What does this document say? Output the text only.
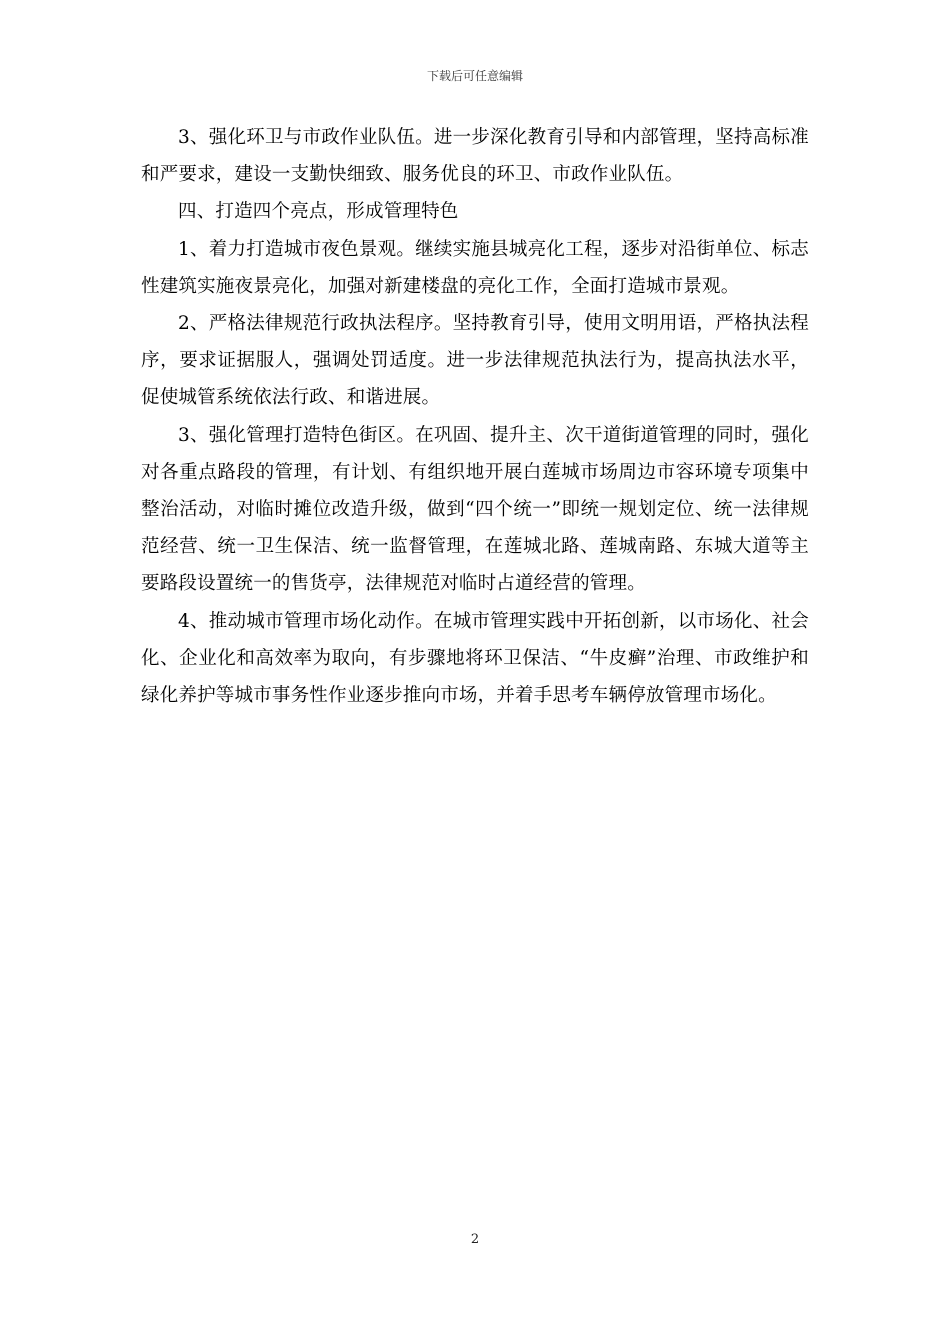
下载后可任意编辑

3、强化环卫与市政作业队伍。进一步深化教育引导和内部管理，坚持高标准和严要求，建设一支勤快细致、服务优良的环卫、市政作业队伍。

四、打造四个亮点，形成管理特色

1、着力打造城市夜色景观。继续实施县城亮化工程，逐步对沿街单位、标志性建筑实施夜景亮化，加强对新建楼盘的亮化工作，全面打造城市景观。

2、严格法律规范行政执法程序。坚持教育引导，使用文明用语，严格执法程序，要求证据服人，强调处罚适度。进一步法律规范执法行为，提高执法水平，促使城管系统依法行政、和谐进展。

3、强化管理打造特色街区。在巩固、提升主、次干道街道管理的同时，强化对各重点路段的管理，有计划、有组织地开展白莲城市场周边市容环境专项集中整治活动，对临时摊位改造升级，做到“四个统一”即统一规划定位、统一法律规范经营、统一卫生保洁、统一监督管理，在莲城北路、莲城南路、东城大道等主要路段设置统一的售货亭，法律规范对临时占道经营的管理。

4、推动城市管理市场化动作。在城市管理实践中开拓创新，以市场化、社会化、企业化和高效率为取向，有步骤地将环卫保洁、“牛皮癣”治理、市政维护和绿化养护等城市事务性作业逐步推向市场，并着手思考车辆停放管理市场化。

2
